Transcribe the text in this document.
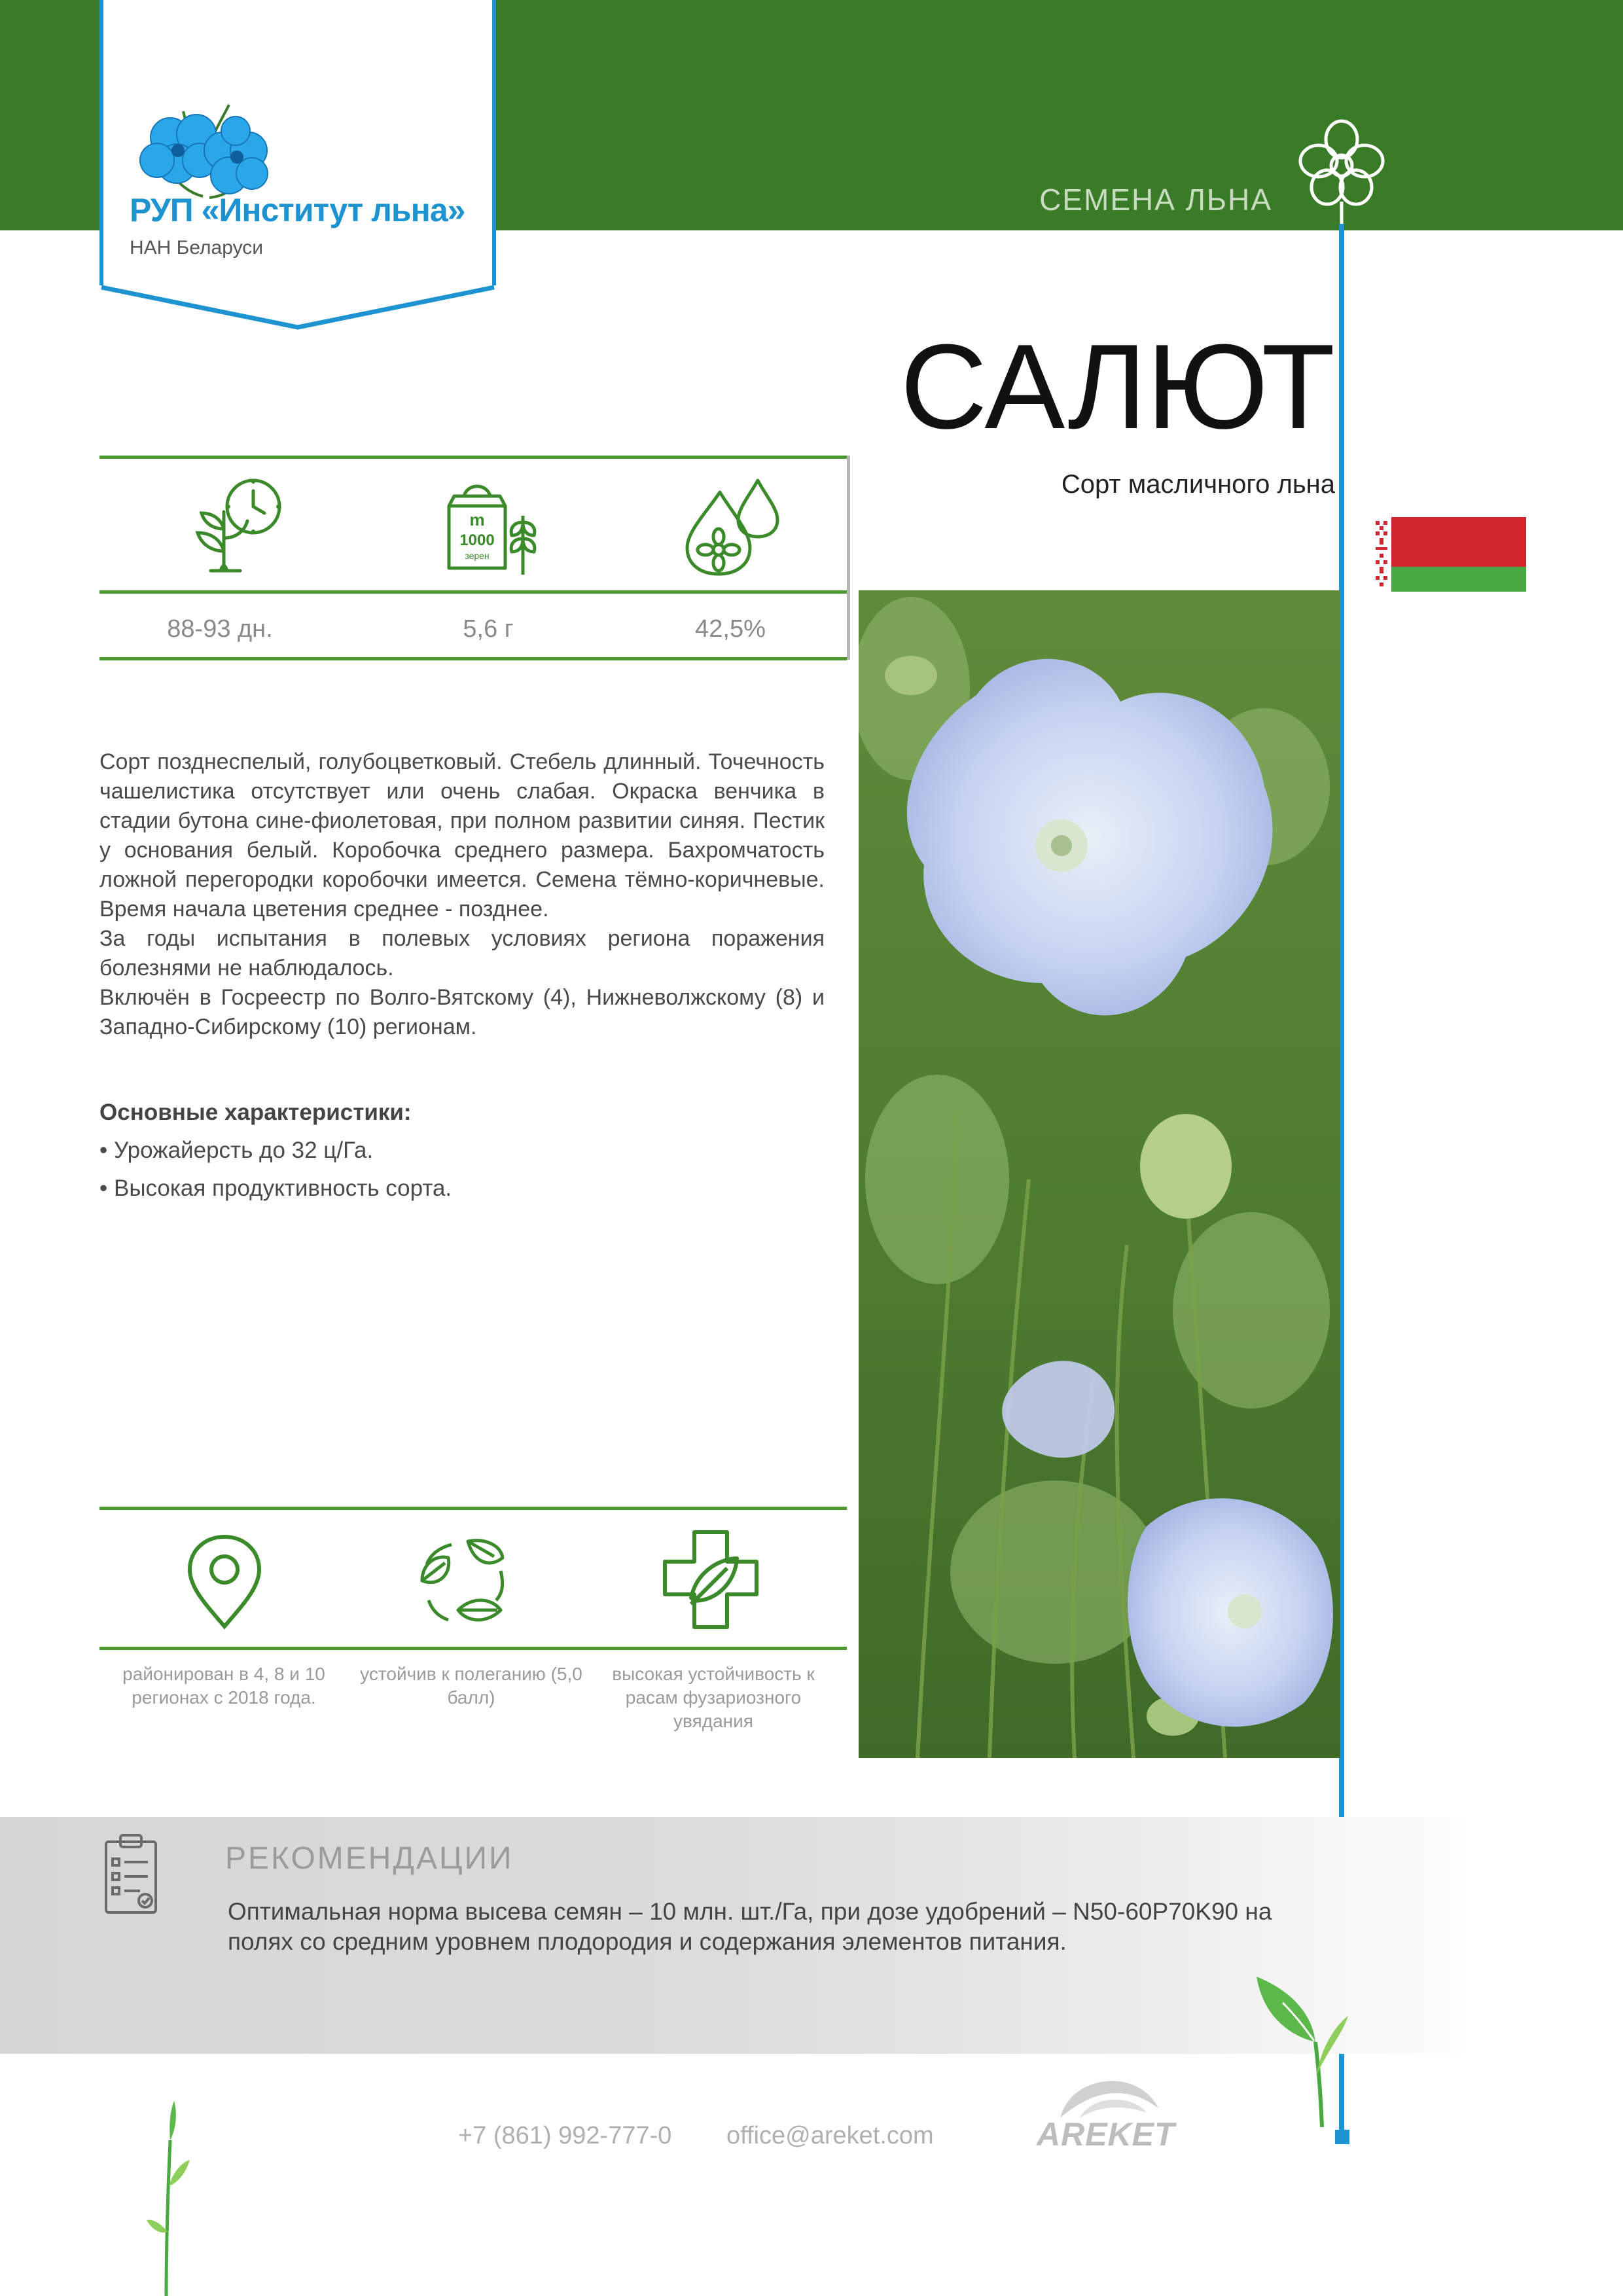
РУП «Институт льна»
НАН Беларуси
СЕМЕНА ЛЬНА
САЛЮТ
Сорт масличного льна
m
1000
зерен
88-93 дн.	5,6 г	42,5%

Сорт позднеспелый, голубоцветковый. Стебель длинный. Точечность чашелистика отсутствует или очень слабая. Окраска венчика в стадии бутона сине-фиолетовая, при полном развитии синяя. Пестик у основания белый. Коробочка среднего размера. Бахромчатость ложной перегородки коробочки имеется. Семена тёмно-коричневые. Время начала цветения среднее - позднее.

За годы испытания в полевых условиях региона поражения болезнями не наблюдалось.

Включён в Госреестр по Волго-Вятскому (4), Нижневолжскому (8) и Западно-Сибирскому (10) регионам.

Основные характеристики:
• Урожайерсть до 32 ц/Га.
• Высокая продуктивность сорта.
районирован в 4, 8 и 10 регионах с 2018 года.
устойчив к полеганию (5,0 балл)
высокая устойчивость к расам фузариозного увядания
РЕКОМЕНДАЦИИ
Оптимальная норма высева семян – 10 млн. шт./Га, при дозе удобрений – N50-60P70K90 на полях со средним уровнем плодородия и содержания элементов питания.
+7 (861) 992-777-0 office@areket.com	AREKET
